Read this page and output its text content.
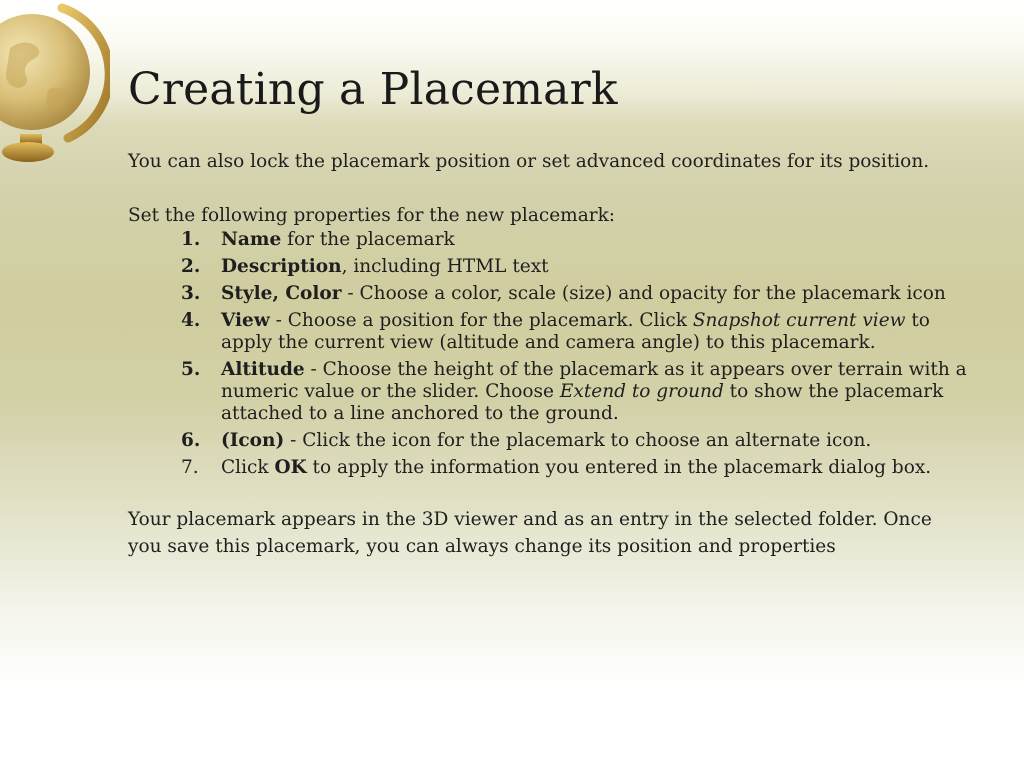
Creating a Placemark

You can also lock the placemark position or set advanced coordinates for its position.

Set the following properties for the new placemark:

1.	Name for the placemark
2.	Description, including HTML text
3.	Style, Color - Choose a color, scale (size) and opacity for the placemark icon
4.	View - Choose a position for the placemark. Click Snapshot current view to apply the current view (altitude and camera angle) to this placemark.
5.	Altitude - Choose the height of the placemark as it appears over terrain with a numeric value or the slider. Choose Extend to ground to show the placemark attached to a line anchored to the ground.
6.	(Icon) - Click the icon for the placemark to choose an alternate icon.
7.	Click OK to apply the information you entered in the placemark dialog box.

Your placemark appears in the 3D viewer and as an entry in the selected folder. Once you save this placemark, you can always change its position and properties
